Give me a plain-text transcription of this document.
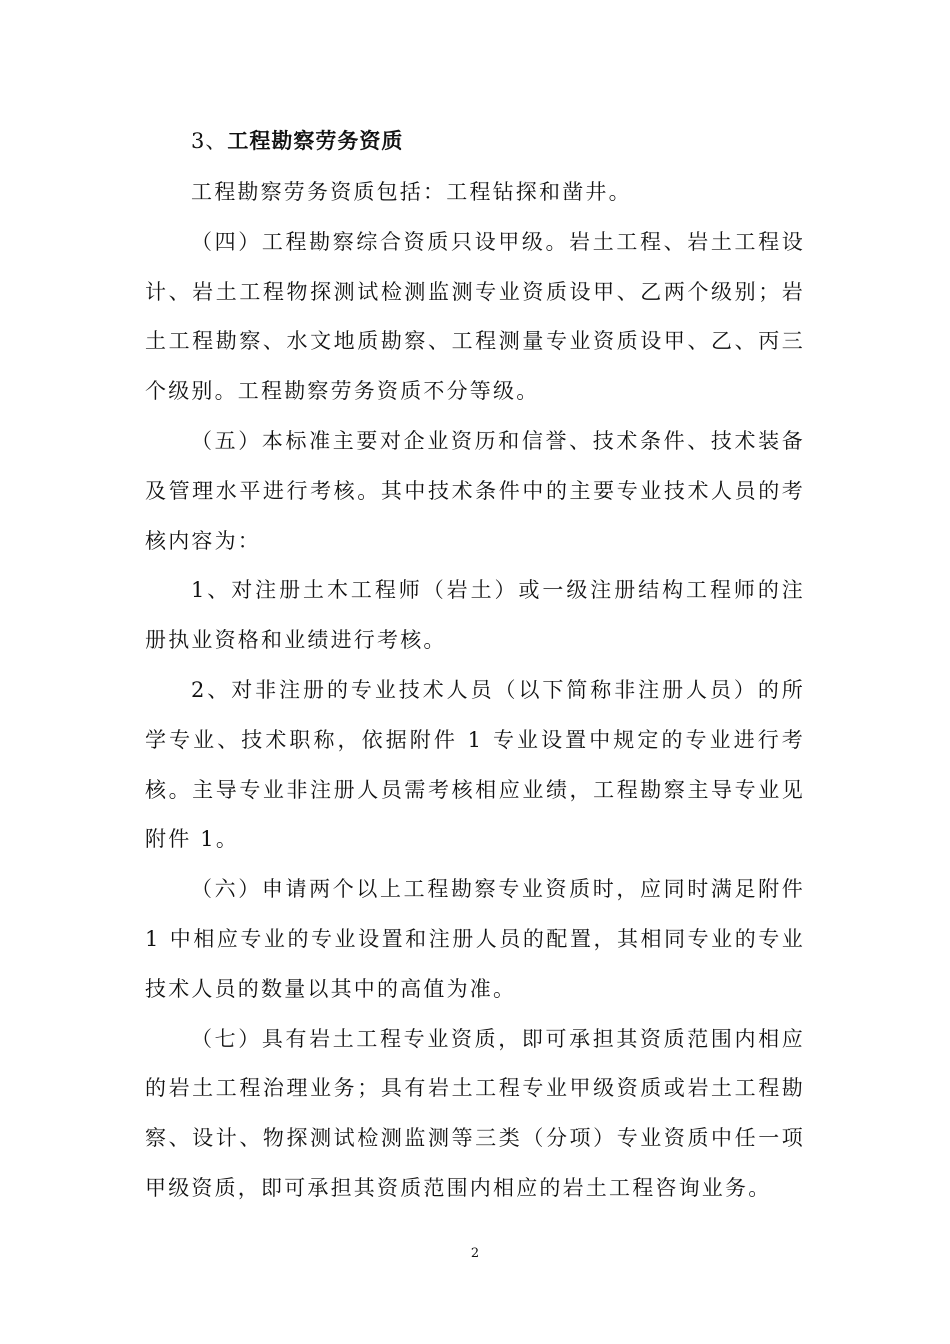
3、工程勘察劳务资质

工程勘察劳务资质包括：工程钻探和凿井。

（四）工程勘察综合资质只设甲级。岩土工程、岩土工程设计、岩土工程物探测试检测监测专业资质设甲、乙两个级别；岩土工程勘察、水文地质勘察、工程测量专业资质设甲、乙、丙三个级别。工程勘察劳务资质不分等级。

（五）本标准主要对企业资历和信誉、技术条件、技术装备及管理水平进行考核。其中技术条件中的主要专业技术人员的考核内容为：

1、对注册土木工程师（岩土）或一级注册结构工程师的注册执业资格和业绩进行考核。

2、对非注册的专业技术人员（以下简称非注册人员）的所学专业、技术职称，依据附件 1 专业设置中规定的专业进行考核。主导专业非注册人员需考核相应业绩，工程勘察主导专业见附件 1。

（六）申请两个以上工程勘察专业资质时，应同时满足附件 1 中相应专业的专业设置和注册人员的配置，其相同专业的专业技术人员的数量以其中的高值为准。

（七）具有岩土工程专业资质，即可承担其资质范围内相应的岩土工程治理业务；具有岩土工程专业甲级资质或岩土工程勘察、设计、物探测试检测监测等三类（分项）专业资质中任一项甲级资质，即可承担其资质范围内相应的岩土工程咨询业务。

2
